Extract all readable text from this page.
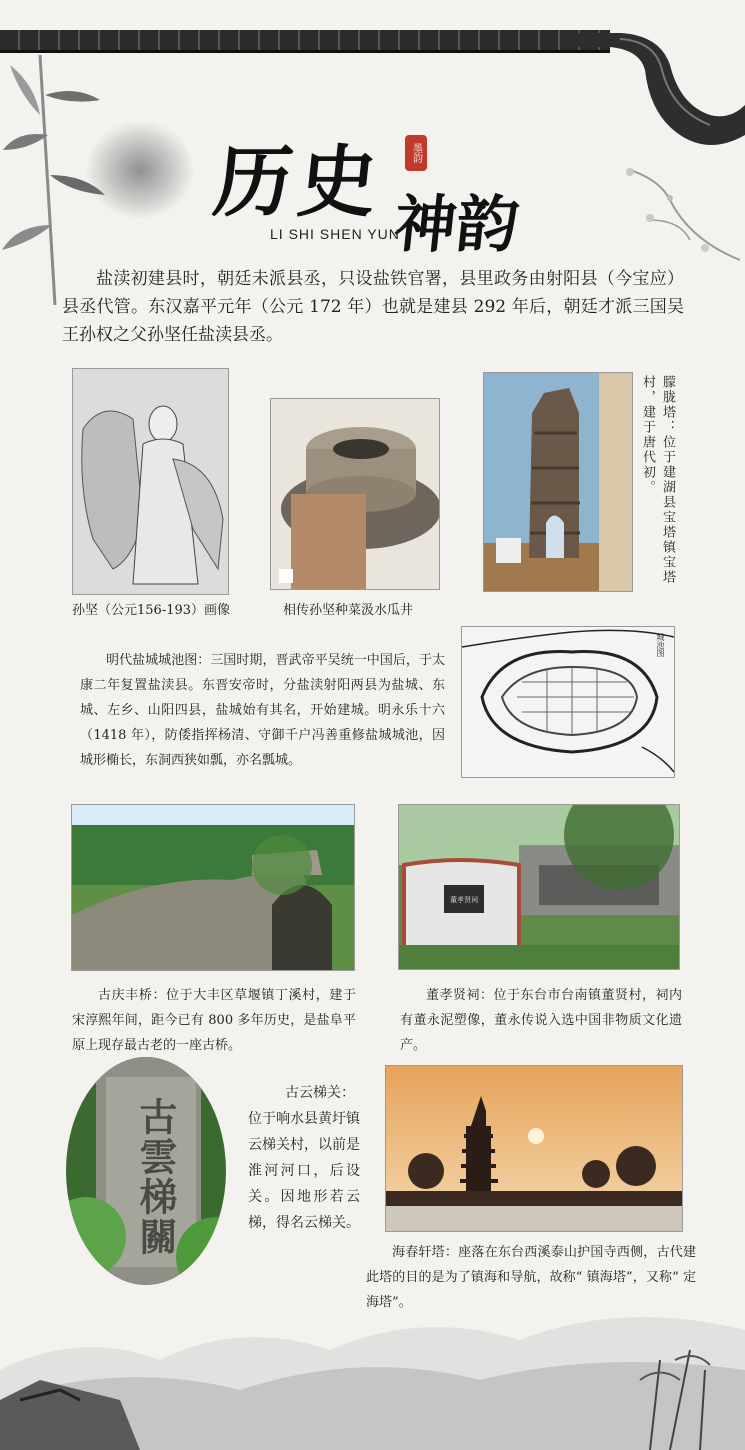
历史	墨韵
神韵
LI SHI SHEN YUN
盐渎初建县时，朝廷未派县丞，只设盐铁官署，县里政务由射阳县（今宝应）县丞代管。东汉嘉平元年（公元 172 年）也就是建县 292 年后，朝廷才派三国吴王孙权之父孙坚任盐渎县丞。
孙坚（公元156-193）画像	相传孙坚种菜汲水瓜井
朦胧塔：位于建湖县宝塔镇宝塔村，建于唐代初。
明代盐城城池图：三国时期，晋武帝平吴统一中国后，于太康二年复置盐渎县。东晋安帝时，分盐渎射阳两县为盐城、东城、左乡、山阳四县，盐城始有其名，开始建城。明永乐十六（1418 年），防倭指挥杨清、守御千户冯善重修盐城城池，因城形椭长，东洞西狭如瓢，亦名瓢城。
城池图
古庆丰桥：位于大丰区草堰镇丁溪村，建于宋淳熙年间，距今已有 800 多年历史，是盐阜平原上现存最古老的一座古桥。
董孝贤祠
董孝贤祠：位于东台市台南镇董贤村，祠内有董永泥塑像，董永传说入选中国非物质文化遗产。
古雲梯關
古云梯关：
位于响水县黄圩镇云梯关村，以前是淮河河口，后设关。因地形若云梯，得名云梯关。
海春轩塔：座落在东台西溪泰山护国寺西侧，古代建此塔的目的是为了镇海和导航，故称“ 镇海塔”，又称“ 定海塔”。
